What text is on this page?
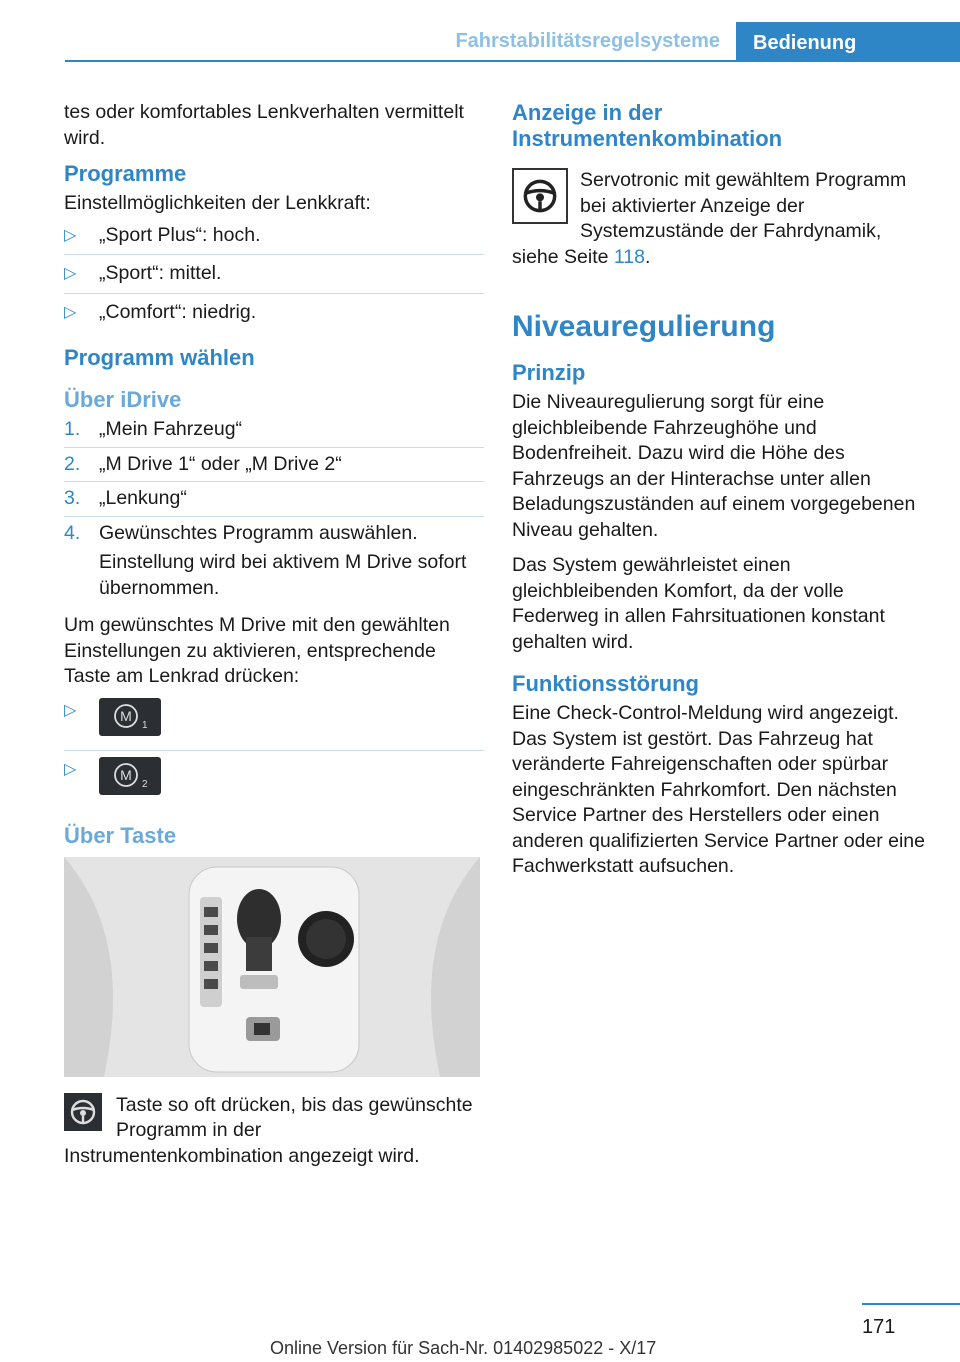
Fahrstabilitätsregelsysteme	Bedienung

tes oder komfortables Lenkverhalten vermittelt wird.

Programme

Einstellmöglichkeiten der Lenkkraft:

▷ „Sport Plus“: hoch.
▷ „Sport“: mittel.
▷ „Comfort“: niedrig.
Programm wählen
Über iDrive
1. „Mein Fahrzeug“
2. „M Drive 1“ oder „M Drive 2“
3. „Lenkung“
4. Gewünschtes Programm auswählen.
Einstellung wird bei aktivem M Drive sofort übernommen.

Um gewünschtes M Drive mit den gewählten Einstellungen zu aktivieren, entsprechende Taste am Lenkrad drücken:

▷	M
1
▷	M
2
Über Taste
Taste so oft drücken, bis das gewünschte Programm in der Instrumentenkombination angezeigt wird.
Anzeige in der Instrumentenkombination
Servotronic mit gewähltem Programm bei aktivierter Anzeige der Systemzustände der Fahrdynamik, siehe Seite 118.
Niveauregulierung
Prinzip

Die Niveauregulierung sorgt für eine gleichbleibende Fahrzeughöhe und Bodenfreiheit. Dazu wird die Höhe des Fahrzeugs an der Hinterachse unter allen Beladungszuständen auf einem vorgegebenen Niveau gehalten.

Das System gewährleistet einen gleichbleibenden Komfort, da der volle Federweg in allen Fahrsituationen konstant gehalten wird.

Funktionsstörung

Eine Check-Control-Meldung wird angezeigt. Das System ist gestört. Das Fahrzeug hat veränderte Fahreigenschaften oder spürbar eingeschränkten Fahrkomfort. Den nächsten Service Partner des Herstellers oder einen anderen qualifizierten Service Partner oder eine Fachwerkstatt aufsuchen.

171
Online Version für Sach-Nr. 01402985022 - X/17
